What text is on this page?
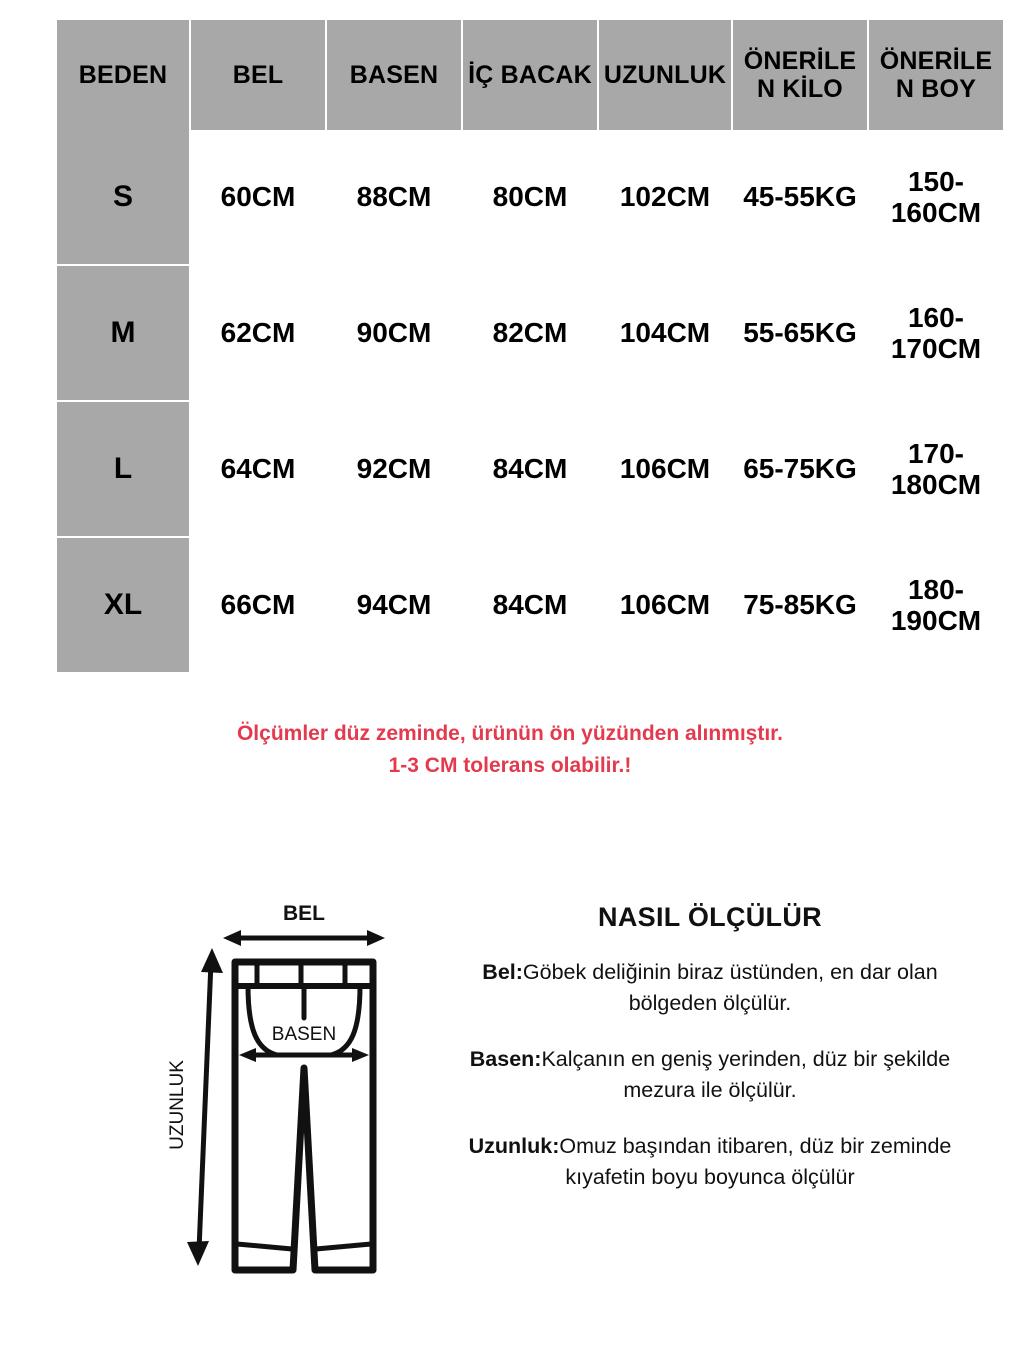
BEDEN	BEL	BASEN	İÇ BACAK	UZUNLUK	ÖNERİLEN KİLO	ÖNERİLEN BOY
S	60CM	88CM	80CM	102CM	45-55KG	150-160CM
M	62CM	90CM	82CM	104CM	55-65KG	160-170CM
L	64CM	92CM	84CM	106CM	65-75KG	170-180CM
XL	66CM	94CM	84CM	106CM	75-85KG	180-190CM
Ölçümler düz zeminde, ürünün ön yüzünden alınmıştır.
1-3 CM tolerans olabilir.!
BEL
BASEN
UZUNLUK
NASIL ÖLÇÜLÜR
Bel:Göbek deliğinin biraz üstünden, en dar olan bölgeden ölçülür.
Basen:Kalçanın en geniş yerinden, düz bir şekilde mezura ile ölçülür.
Uzunluk:Omuz başından itibaren, düz bir zeminde kıyafetin boyu boyunca ölçülür
